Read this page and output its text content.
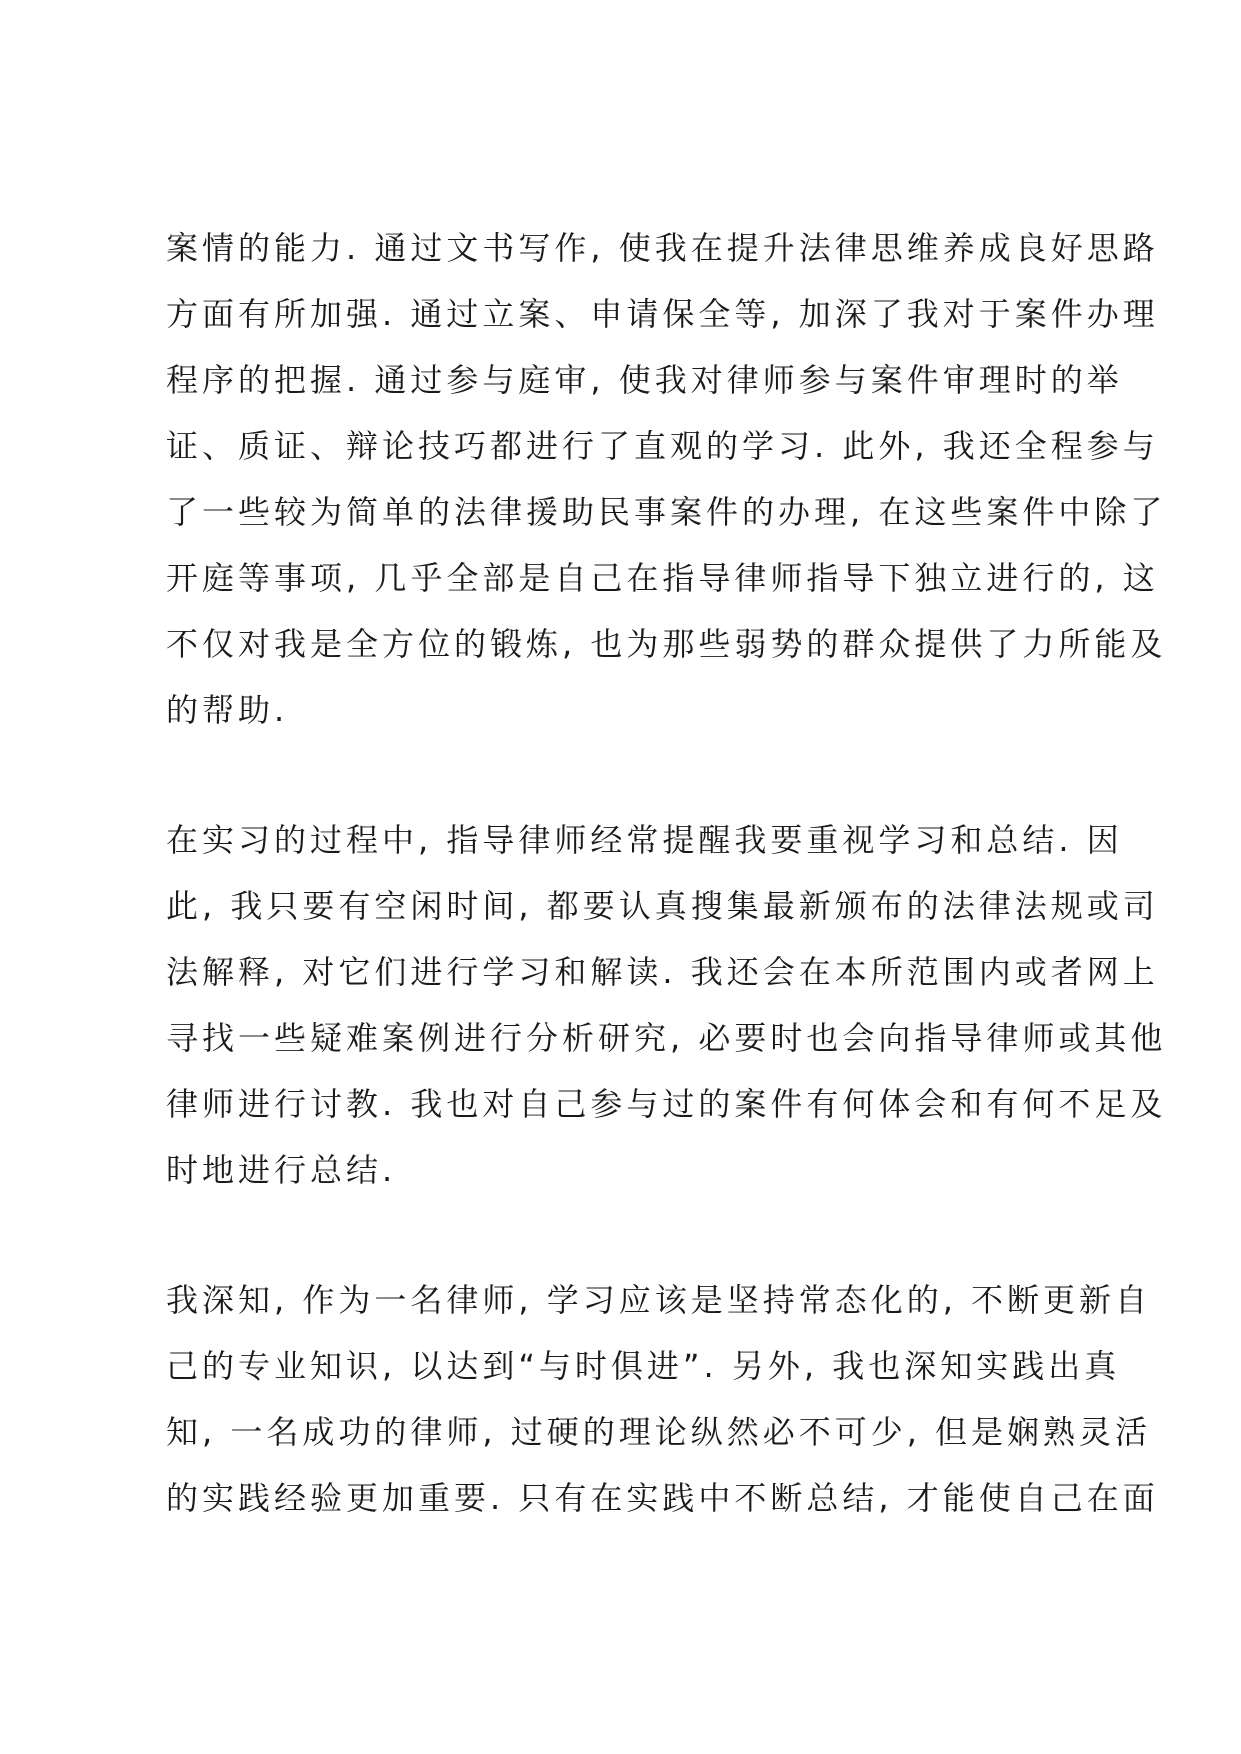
案情的能力. 通过文书写作, 使我在提升法律思维养成良好思路
方面有所加强. 通过立案、申请保全等, 加深了我对于案件办理
程序的把握. 通过参与庭审, 使我对律师参与案件审理时的举
证、质证、辩论技巧都进行了直观的学习. 此外, 我还全程参与
了一些较为简单的法律援助民事案件的办理, 在这些案件中除了
开庭等事项, 几乎全部是自己在指导律师指导下独立进行的, 这
不仅对我是全方位的锻炼, 也为那些弱势的群众提供了力所能及
的帮助.
在实习的过程中, 指导律师经常提醒我要重视学习和总结. 因
此, 我只要有空闲时间, 都要认真搜集最新颁布的法律法规或司
法解释, 对它们进行学习和解读. 我还会在本所范围内或者网上
寻找一些疑难案例进行分析研究, 必要时也会向指导律师或其他
律师进行讨教. 我也对自己参与过的案件有何体会和有何不足及
时地进行总结.
我深知, 作为一名律师, 学习应该是坚持常态化的, 不断更新自
己的专业知识, 以达到“与时俱进”. 另外, 我也深知实践出真
知, 一名成功的律师, 过硬的理论纵然必不可少, 但是娴熟灵活
的实践经验更加重要. 只有在实践中不断总结, 才能使自己在面
